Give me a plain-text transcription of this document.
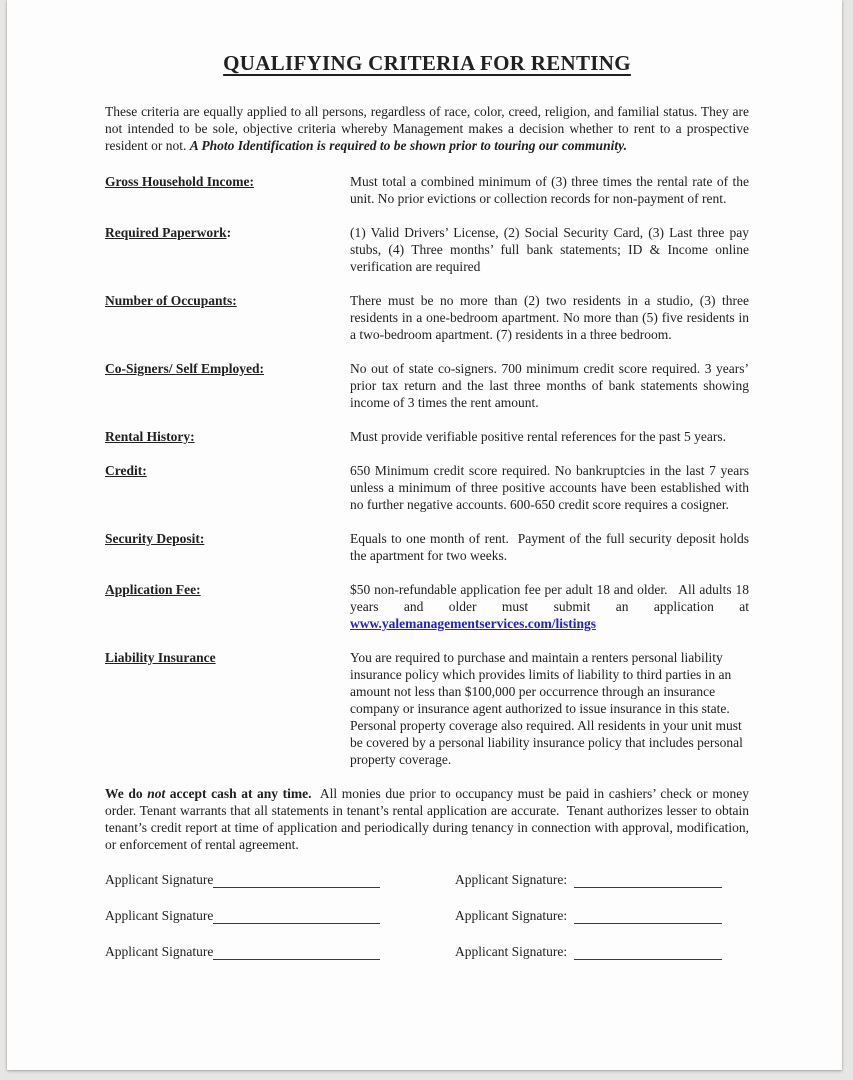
QUALIFYING CRITERIA FOR RENTING

These criteria are equally applied to all persons, regardless of race, color, creed, religion, and familial status. They are not intended to be sole, objective criteria whereby Management makes a decision whether to rent to a prospective resident or not. A Photo Identification is required to be shown prior to touring our community.

Gross Household Income:	Must total a combined minimum of (3) three times the rental rate of the unit. No prior evictions or collection records for non-payment of rent.
Required Paperwork:	(1) Valid Drivers’ License, (2) Social Security Card, (3) Last three pay stubs, (4) Three months’ full bank statements; ID & Income online verification are required
Number of Occupants:	There must be no more than (2) two residents in a studio, (3) three residents in a one-bedroom apartment. No more than (5) five residents in a two-bedroom apartment. (7) residents in a three bedroom.
Co-Signers/ Self Employed:	No out of state co-signers. 700 minimum credit score required. 3 years’ prior tax return and the last three months of bank statements showing income of 3 times the rent amount.
Rental History:	Must provide verifiable positive rental references for the past 5 years.
Credit:	650 Minimum credit score required. No bankruptcies in the last 7 years unless a minimum of three positive accounts have been established with no further negative accounts. 600-650 credit score requires a cosigner.
Security Deposit:	Equals to one month of rent.  Payment of the full security deposit holds the apartment for two weeks.
Application Fee:	$50 non-refundable application fee per adult 18 and older.   All adults 18 years and older must submit an application at www.yalemanagementservices.com/listings
Liability Insurance	You are required to purchase and maintain a renters personal liability insurance policy which provides limits of liability to third parties in an amount not less than $100,000 per occurrence through an insurance company or insurance agent authorized to issue insurance in this state. Personal property coverage also required. All residents in your unit must be covered by a personal liability insurance policy that includes personal property coverage.

We do not accept cash at any time.  All monies due prior to occupancy must be paid in cashiers’ check or money order. Tenant warrants that all statements in tenant’s rental application are accurate.  Tenant authorizes lesser to obtain tenant’s credit report at time of application and periodically during tenancy in connection with approval, modification, or enforcement of rental agreement.

Applicant Signature	Applicant Signature:
Applicant Signature	Applicant Signature:
Applicant Signature	Applicant Signature:
